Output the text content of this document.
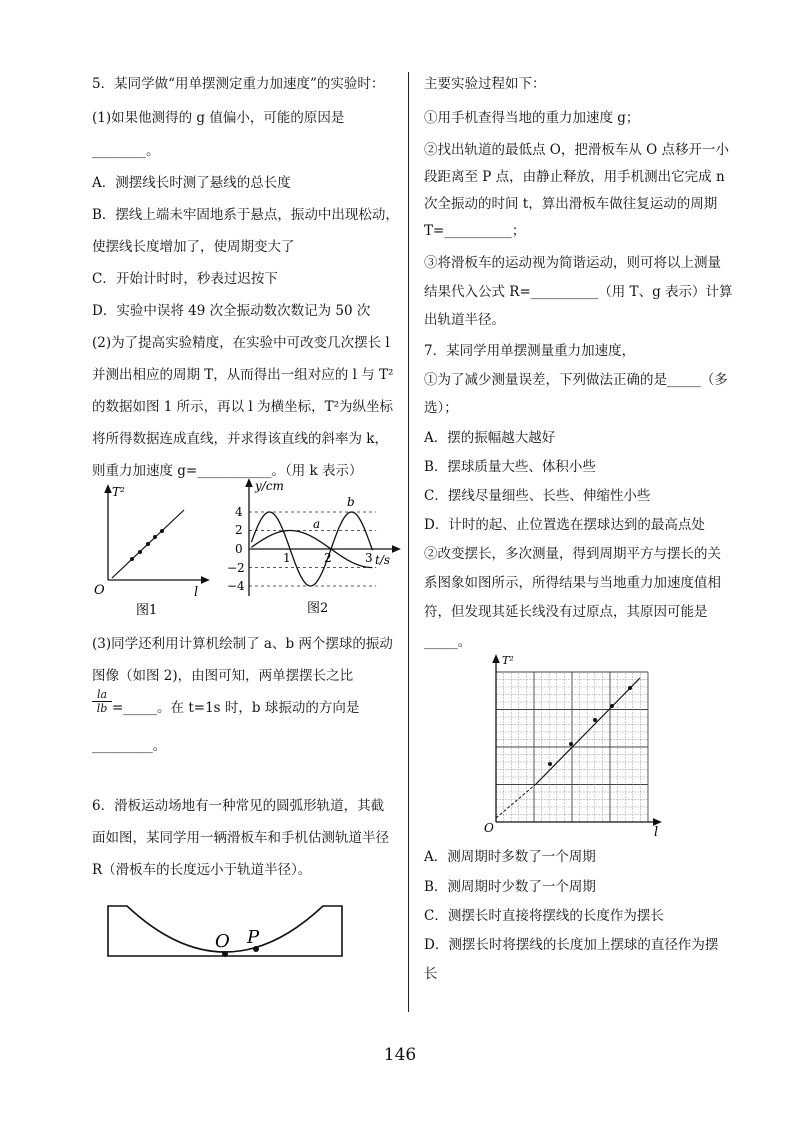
5．某同学做“用单摆测定重力加速度”的实验时：
(1)如果他测得的 g 值偏小，可能的原因是
________。
A．测摆线长时测了悬线的总长度
B．摆线上端未牢固地系于悬点，振动中出现松动，
使摆线长度增加了，使周期变大了
C．开始计时时，秒表过迟按下
D．实验中误将 49 次全振动数次数记为 50 次
(2)为了提高实验精度，在实验中可改变几次摆长 l
并测出相应的周期 T，从而得出一组对应的 l 与 T²
的数据如图 1 所示，再以 l 为横坐标，T²为纵坐标
将所得数据连成直线，并求得该直线的斜率为 k，
则重力加速度 g=___________。（用 k 表示）
T²
l
O
图1
y/cm
t/s
4
2
0
−2
−4
1	2	3
a
b
图2
(3)同学还利用计算机绘制了 a、b 两个摆球的振动
图像（如图 2)，由图可知，两单摆摆长之比
$\frac{la}{lb}$ =_____。在 t=1s 时，b 球振动的方向是
_________。
6．滑板运动场地有一种常见的圆弧形轨道，其截
面如图，某同学用一辆滑板车和手机估测轨道半径
R（滑板车的长度远小于轨道半径）。
O P
主要实验过程如下：
①用手机查得当地的重力加速度 g；
②找出轨道的最低点 O，把滑板车从 O 点移开一小
段距离至 P 点，由静止释放，用手机测出它完成 n
次全振动的时间 t，算出滑板车做往复运动的周期
T=__________；
③将滑板车的运动视为简谐运动，则可将以上测量
结果代入公式 R=__________（用 T、g 表示）计算
出轨道半径。
7．某同学用单摆测量重力加速度，
①为了减少测量误差，下列做法正确的是_____（多
选）；
A．摆的振幅越大越好
B．摆球质量大些、体积小些
C．摆线尽量细些、长些、伸缩性小些
D．计时的起、止位置选在摆球达到的最高点处
②改变摆长，多次测量，得到周期平方与摆长的关
系图象如图所示，所得结果与当地重力加速度值相
符，但发现其延长线没有过原点，其原因可能是
_____。
T²
l
O
A．测周期时多数了一个周期
B．测周期时少数了一个周期
C．测摆长时直接将摆线的长度作为摆长
D．测摆长时将摆线的长度加上摆球的直径作为摆
长
146
